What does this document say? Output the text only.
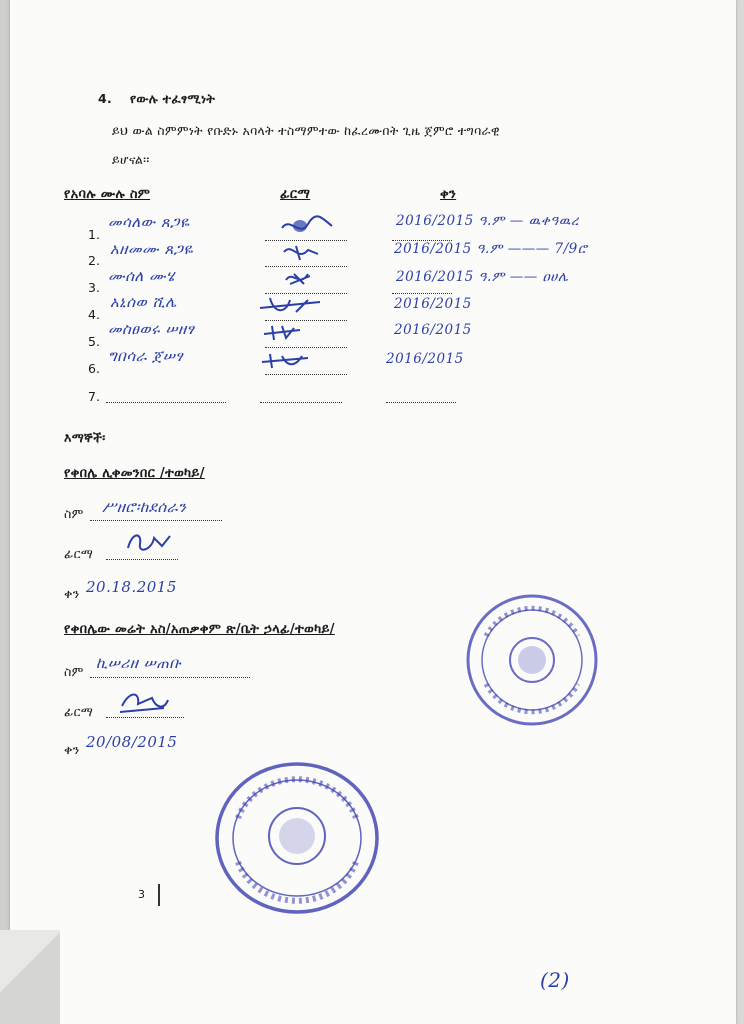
4. የውሉ ተፈፃሚነት
ይህ ውል ስምምነት የቡድኑ አባላት ተስማምተው ከፈረሙበት ጊዜ ጀምሮ ተግባራዊ
ይሆናል፡፡
የአባሉ ሙሉ ስም	ፊርማ	ቀን
1.
መሳለው ጸጋዬ	2016/2015 ዓ.ም — ዉቀዓዉረ
2.
አዘመሙ ጸጋዬ	2016/2015 ዓ.ም ——— 7/9ሮ
3.
ሙሰለ ሙሄ	2016/2015 ዓ.ም —— ዐሀሌ
4.
አኒሰወ ሺሌ	2016/2015
5.
መስፀወሩ ሠዘፃ	2016/2015
6.
ግበሳራ ጀሠፃ	2016/2015
7.
እማኞች፡
የቀበሌ ሊቀመንበር /ተወካይ/
ስም ሥዘሮ፡ከደሰራን
ፊርማ
ቀን 20.18.2015
የቀበሌው መሬት አስ/አጠቃቀም ጽ/ቤት ኃላፊ/ተወካይ/
ስም ኪሠሪዘ ሠጠቡ
ፊርማ
ቀን 20/08/2015
3
(2)
